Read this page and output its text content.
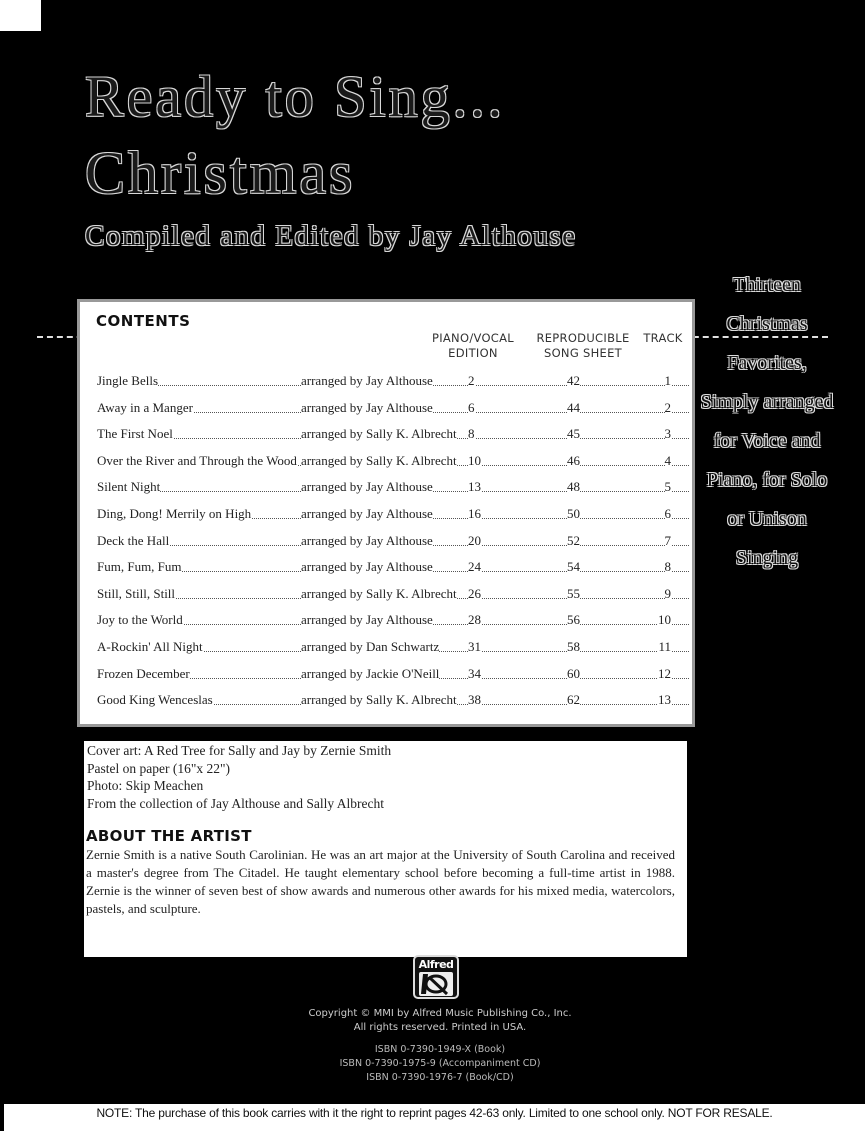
Ready to Sing...
Christmas
Compiled and Edited by Jay Althouse
CONTENTS
PIANO/VOCAL
EDITION
REPRODUCIBLE
SONG SHEET
TRACK
Jingle Bells	arranged by Jay Althouse	2	42	1
Away in a Manger	arranged by Jay Althouse	6	44	2
The First Noel	arranged by Sally K. Albrecht 8	45	3
Over the River and Through the Wood arranged by Sally K. Albrecht 10	46	4
Silent Night	arranged by Jay Althouse	13	48	5
Ding, Dong! Merrily on High	arranged by Jay Althouse	16	50	6
Deck the Hall	arranged by Jay Althouse	20	52	7
Fum, Fum, Fum	arranged by Jay Althouse	24	54	8
Still, Still, Still	arranged by Sally K. Albrecht 26	55	9
Joy to the World	arranged by Jay Althouse	28	56	10
A-Rockin' All Night	arranged by Dan Schwartz 31	58	11
Frozen December	arranged by Jackie O'Neill 34	60	12
Good King Wenceslas	arranged by Sally K. Albrecht 38	62	13
Thirteen
Christmas
Favorites,
Simply arranged
for Voice and
Piano, for Solo
or Unison
Singing
Cover art: A Red Tree for Sally and Jay by Zernie Smith
Pastel on paper (16"x 22")
Photo: Skip Meachen
From the collection of Jay Althouse and Sally Albrecht
ABOUT THE ARTIST
Zernie Smith is a native South Carolinian. He was an art major at the University of South Carolina and received a master's degree from The Citadel. He taught elementary school before becoming a full-time artist in 1988. Zernie is the winner of seven best of show awards and numerous other awards for his mixed media, watercolors, pastels, and sculpture.
Alfred
Copyright © MMI by Alfred Music Publishing Co., Inc.
All rights reserved. Printed in USA.
ISBN 0-7390-1949-X (Book)
ISBN 0-7390-1975-9 (Accompaniment CD)
ISBN 0-7390-1976-7 (Book/CD)
NOTE: The purchase of this book carries with it the right to reprint pages 42-63 only. Limited to one school only. NOT FOR RESALE.
